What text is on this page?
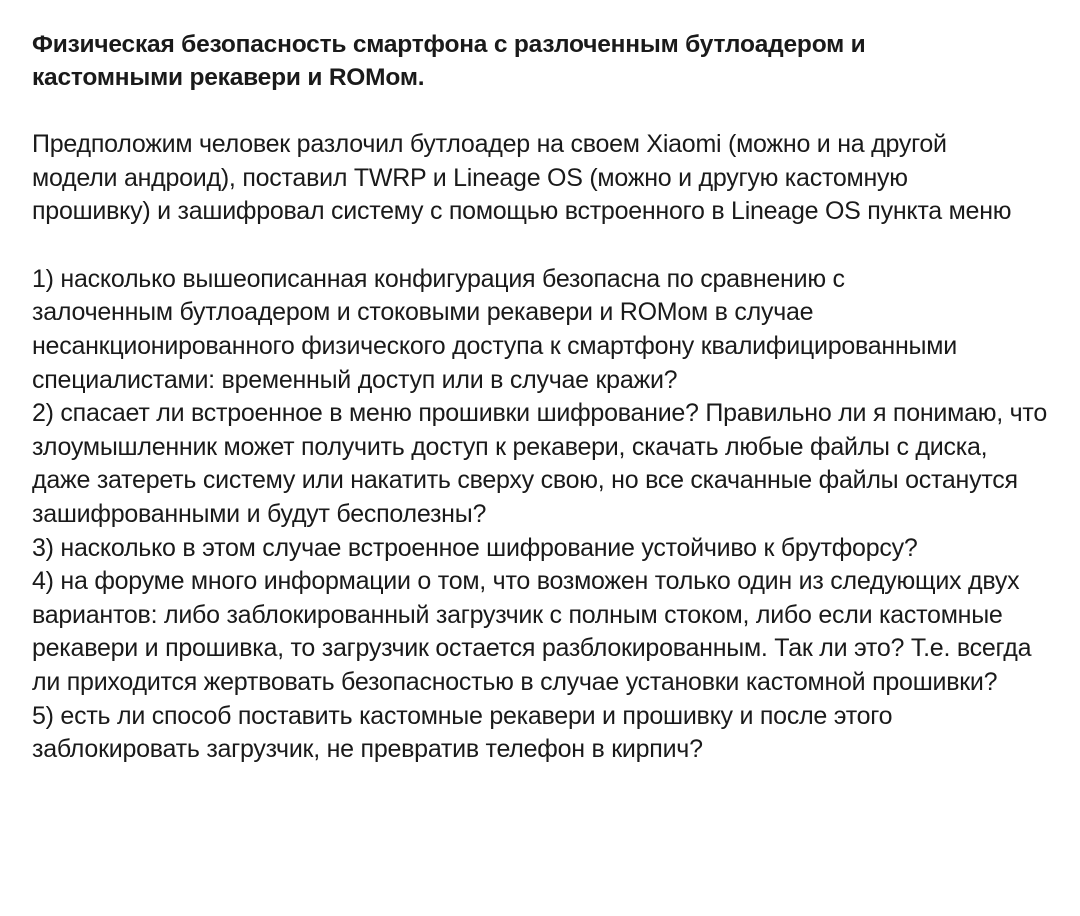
Физическая безопасность смартфона с разлоченным бутлоадером и кастомными рекавери и ROMом.

Предположим человек разлочил бутлоадер на своем Xiaomi (можно и на другой модели андроид), поставил TWRP и Lineage OS (можно и другую кастомную прошивку) и зашифровал систему с помощью встроенного в Lineage OS пункта меню

1) насколько вышеописанная конфигурация безопасна по сравнению с залоченным бутлоадером и стоковыми рекавери и ROMом в случае несанкционированного физического доступа к смартфону квалифицированными специалистами: временный доступ или в случае кражи?
2) спасает ли встроенное в меню прошивки шифрование? Правильно ли я понимаю, что злоумышленник может получить доступ к рекавери, скачать любые файлы с диска, даже затереть систему или накатить сверху свою, но все скачанные файлы останутся зашифрованными и будут бесполезны?
3) насколько в этом случае встроенное шифрование устойчиво к брутфорсу?
4) на форуме много информации о том, что возможен только один из следующих двух вариантов: либо заблокированный загрузчик с полным стоком, либо если кастомные рекавери и прошивка, то загрузчик остается разблокированным. Так ли это? Т.е. всегда ли приходится жертвовать безопасностью в случае установки кастомной прошивки?
5) есть ли способ поставить кастомные рекавери и прошивку и после этого заблокировать загрузчик, не превратив телефон в кирпич?
